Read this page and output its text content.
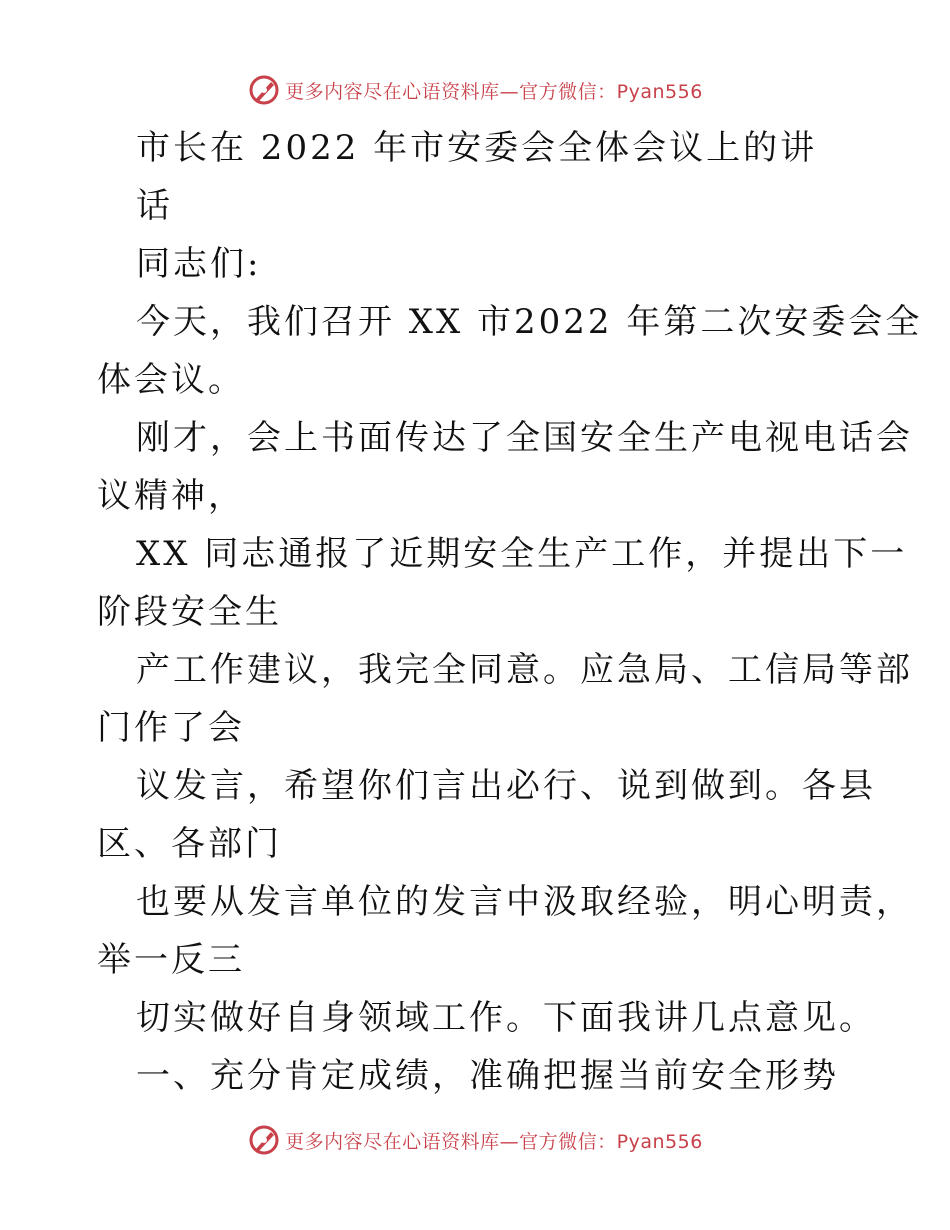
更多内容尽在心语资料库—官方微信：Pyan556
市长在 2022 年市安委会全体会议上的讲
话
同志们:
今天，我们召开 XX 市2022 年第二次安委会全
体会议。
刚才，会上书面传达了全国安全生产电视电话会
议精神，
XX 同志通报了近期安全生产工作，并提出下一
阶段安全生
产工作建议，我完全同意。应急局、工信局等部
门作了会
议发言，希望你们言出必行、说到做到。各县
区、各部门
也要从发言单位的发言中汲取经验，明心明责，
举一反三
切实做好自身领域工作。下面我讲几点意见。
一、充分肯定成绩，准确把握当前安全形势
更多内容尽在心语资料库—官方微信：Pyan556
